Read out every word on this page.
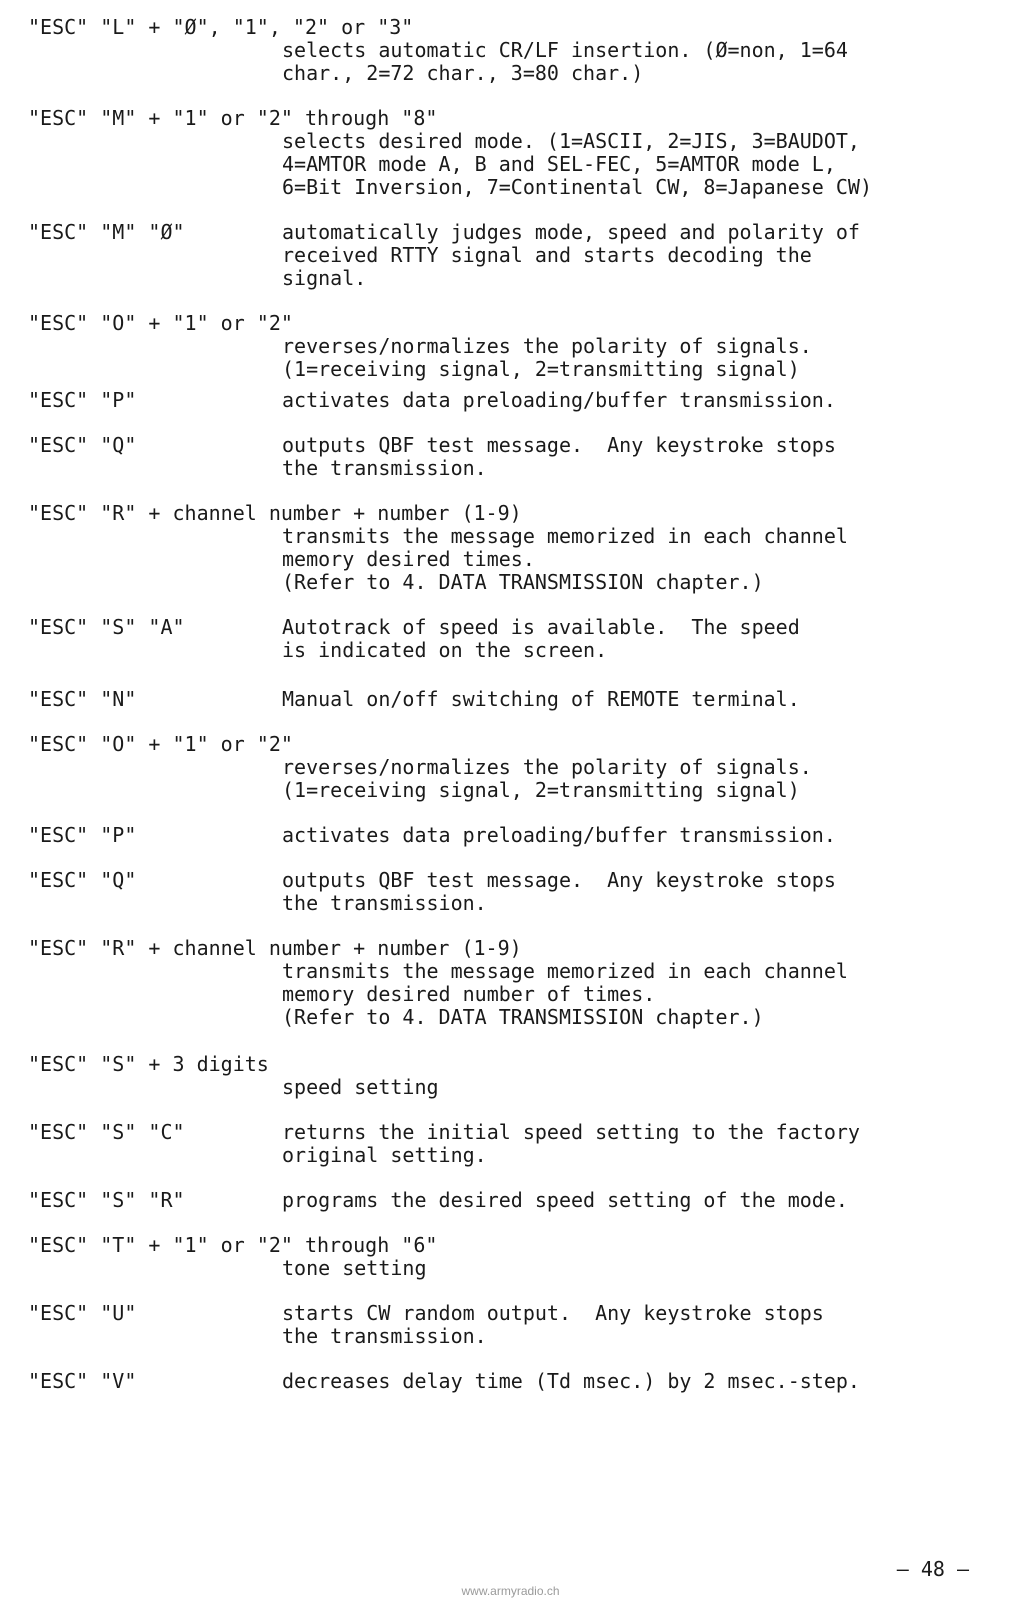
"ESC" "L" + "Ø", "1", "2" or "3"
selects automatic CR/LF insertion. (Ø=non, 1=64
char., 2=72 char., 3=80 char.)
"ESC" "M" + "1" or "2" through "8"
selects desired mode. (1=ASCII, 2=JIS, 3=BAUDOT,
4=AMTOR mode A, B and SEL-FEC, 5=AMTOR mode L,
6=Bit Inversion, 7=Continental CW, 8=Japanese CW)
"ESC" "M" "Ø"	automatically judges mode, speed and polarity of
received RTTY signal and starts decoding the
signal.
"ESC" "O" + "1" or "2"
reverses/normalizes the polarity of signals.
(1=receiving signal, 2=transmitting signal)
"ESC" "P"	activates data preloading/buffer transmission.
"ESC" "Q"	outputs QBF test message.  Any keystroke stops
the transmission.
"ESC" "R" + channel number + number (1-9)
transmits the message memorized in each channel
memory desired times.
(Refer to 4. DATA TRANSMISSION chapter.)
"ESC" "S" "A"	Autotrack of speed is available.  The speed
is indicated on the screen.
"ESC" "N"	Manual on/off switching of REMOTE terminal.
"ESC" "O" + "1" or "2"
reverses/normalizes the polarity of signals.
(1=receiving signal, 2=transmitting signal)
"ESC" "P"	activates data preloading/buffer transmission.
"ESC" "Q"	outputs QBF test message.  Any keystroke stops
the transmission.
"ESC" "R" + channel number + number (1-9)
transmits the message memorized in each channel
memory desired number of times.
(Refer to 4. DATA TRANSMISSION chapter.)
"ESC" "S" + 3 digits
speed setting
"ESC" "S" "C"	returns the initial speed setting to the factory
original setting.
"ESC" "S" "R"	programs the desired speed setting of the mode.
"ESC" "T" + "1" or "2" through "6"
tone setting
"ESC" "U"	starts CW random output.  Any keystroke stops
the transmission.
"ESC" "V"	decreases delay time (Td msec.) by 2 msec.-step.
— 48 —
www.armyradio.ch
